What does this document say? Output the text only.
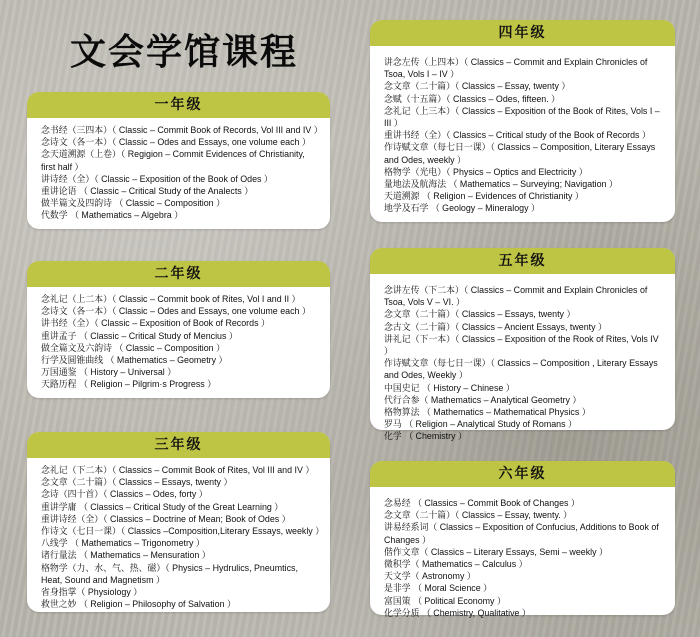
文会学馆课程
一年级
念书经（三四本）（ Classic – Commit Book of Records, Vol III and IV ）
念诗文（各一本）（ Classic – Odes and Essays, one volume each ）
念天道溯源（上卷）（ Regigion – Commit Evidences of Christianity, first half ）
讲诗经（全）（ Classic – Exposition of the Book of Odes ）
重讲论语 （ Classic – Critical Study of the Analects ）
做半篇文及四韵诗 （ Classic – Composition ）
代数学 （ Mathematics – Algebra ）
二年级
念礼记（上二本）（ Classic – Commit book of Rites, Vol I and II ）
念诗文（各一本）（ Classic – Odes and Essays, one volume each ）
讲书经（全）（ Classic – Exposition of Book of Records ）
重讲孟子 （ Classic – Critical Study of Mencius ）
做全篇文及六韵诗 （ Classic – Composition ）
行学及圆锥曲线 （ Mathematics – Geometry ）
万国通鉴 （ History – Universal ）
天路历程 （ Religion – Pilgrim·s Progress ）
三年级
念礼记（下二本）（ Classics – Commit Book of Rites, Vol III and IV ）
念文章（二十篇）（ Classics – Essays, twenty ）
念诗（四十首）（ Classics – Odes, forty ）
重讲学庸 （ Classics – Critical Study of the Great Learning ）
重讲诗经（全）（ Classics – Doctrine of Mean; Book of Odes ）
作诗文（七日一课）（ Classics –Composition,Literary Essays, weekly ）
八线学 （ Mathematics – Trigonometry ）
诸行量法 （ Mathematics – Mensuration ）
格物学（力、水、气、热、磁）（ Physics – Hydrulics, Pneumtics, Heat, Sound and Magnetism ）
省身指掌（ Physiology ）
救世之妙 （ Religion – Philosophy of Salvation ）
四年级
讲念左传（上四本）（ Classics – Commit and Explain Chronicles of Tsoa, Vols I – IV ）
念文章（二十篇）（ Classics – Essay, twenty ）
念赋（十五篇）（ Classics – Odes, fifteen. ）
念礼记（上三本）（ Classics – Exposition of the Book of Rites, Vols I – III ）
重讲书经（全）（ Classics – Critical study of the Book of Records ）
作诗赋文章（每七日一课）（ Classics – Composition, Literary Essays and Odes, weekly ）
格物学（光电）（ Physics – Optics and Electricity ）
量地法及航海法 （ Mathematics – Surveying; Navigation ）
天道溯源 （ Religion – Evidences of Christianity ）
地学及石学 （ Geology – Mineralogy ）
五年级
念讲左传（下二本）（ Classics – Commit and Explain Chronicles of Tsoa, Vols V – VI. ）
念文章（二十篇）（ Classics – Essays, twenty ）
念古文（二十篇）（ Classics – Ancient Essays, twenty ）
讲礼记（下一本）（ Classics – Exposition of the Rook of Rites, Vols IV ）
作诗赋文章（每七日一课）（ Classics – Composition , Literary Essays and Odes, Weekly ）
中国史记 （ History – Chinese ）
代行合参（ Mathematics – Analytical Geometry ）
格物算法 （ Mathematics – Mathematical Physics ）
罗马 （ Religion – Analytical Study of Romans ）
化学 （ Chemistry ）
六年级
念易经 （ Classics – Commit Book of Changes ）
念文章（二十篇）（ Classics – Essay, twenty. ）
讲易经系词（ Classics – Exposition of Confucius, Additions to Book of Changes ）
偕作文章（ Classics – Literary Essays, Semi – weekly ）
微积学（ Mathematics – Calculus ）
天文学（ Astronomy ）
是非学 （ Moral Science ）
富国策 （ Political Economy ）
化学分质 （ Chemistry, Qualitative ）
